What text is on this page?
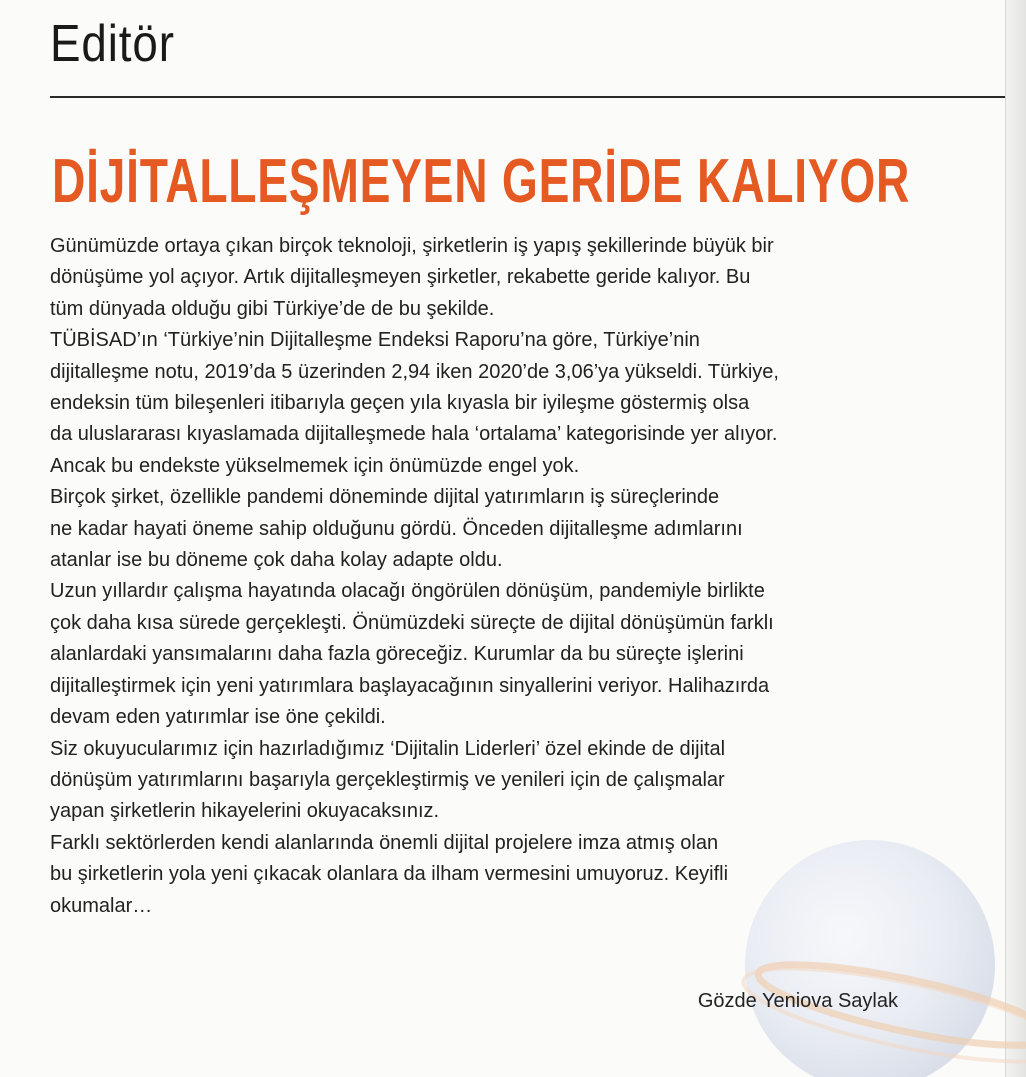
Editör
DİJİTALLEŞMEYEN GERİDE KALIYOR

Günümüzde ortaya çıkan birçok teknoloji, şirketlerin iş yapış şekillerinde büyük bir

dönüşüme yol açıyor. Artık dijitalleşmeyen şirketler, rekabette geride kalıyor. Bu

tüm dünyada olduğu gibi Türkiye’de de bu şekilde.

TÜBİSAD’ın ‘Türkiye’nin Dijitalleşme Endeksi Raporu’na göre, Türkiye’nin

dijitalleşme notu, 2019’da 5 üzerinden 2,94 iken 2020’de 3,06’ya yükseldi. Türkiye,

endeksin tüm bileşenleri itibarıyla geçen yıla kıyasla bir iyileşme göstermiş olsa

da uluslararası kıyaslamada dijitalleşmede hala ‘ortalama’ kategorisinde yer alıyor.

Ancak bu endekste yükselmemek için önümüzde engel yok.

Birçok şirket, özellikle pandemi döneminde dijital yatırımların iş süreçlerinde

ne kadar hayati öneme sahip olduğunu gördü. Önceden dijitalleşme adımlarını

atanlar ise bu döneme çok daha kolay adapte oldu.

Uzun yıllardır çalışma hayatında olacağı öngörülen dönüşüm, pandemiyle birlikte

çok daha kısa sürede gerçekleşti. Önümüzdeki süreçte de dijital dönüşümün farklı

alanlardaki yansımalarını daha fazla göreceğiz. Kurumlar da bu süreçte işlerini

dijitalleştirmek için yeni yatırımlara başlayacağının sinyallerini veriyor. Halihazırda

devam eden yatırımlar ise öne çekildi.

Siz okuyucularımız için hazırladığımız ‘Dijitalin Liderleri’ özel ekinde de dijital

dönüşüm yatırımlarını başarıyla gerçekleştirmiş ve yenileri için de çalışmalar

yapan şirketlerin hikayelerini okuyacaksınız.

Farklı sektörlerden kendi alanlarında önemli dijital projelere imza atmış olan

bu şirketlerin yola yeni çıkacak olanlara da ilham vermesini umuyoruz. Keyifli

okumalar…

Gözde Yeniova Saylak
